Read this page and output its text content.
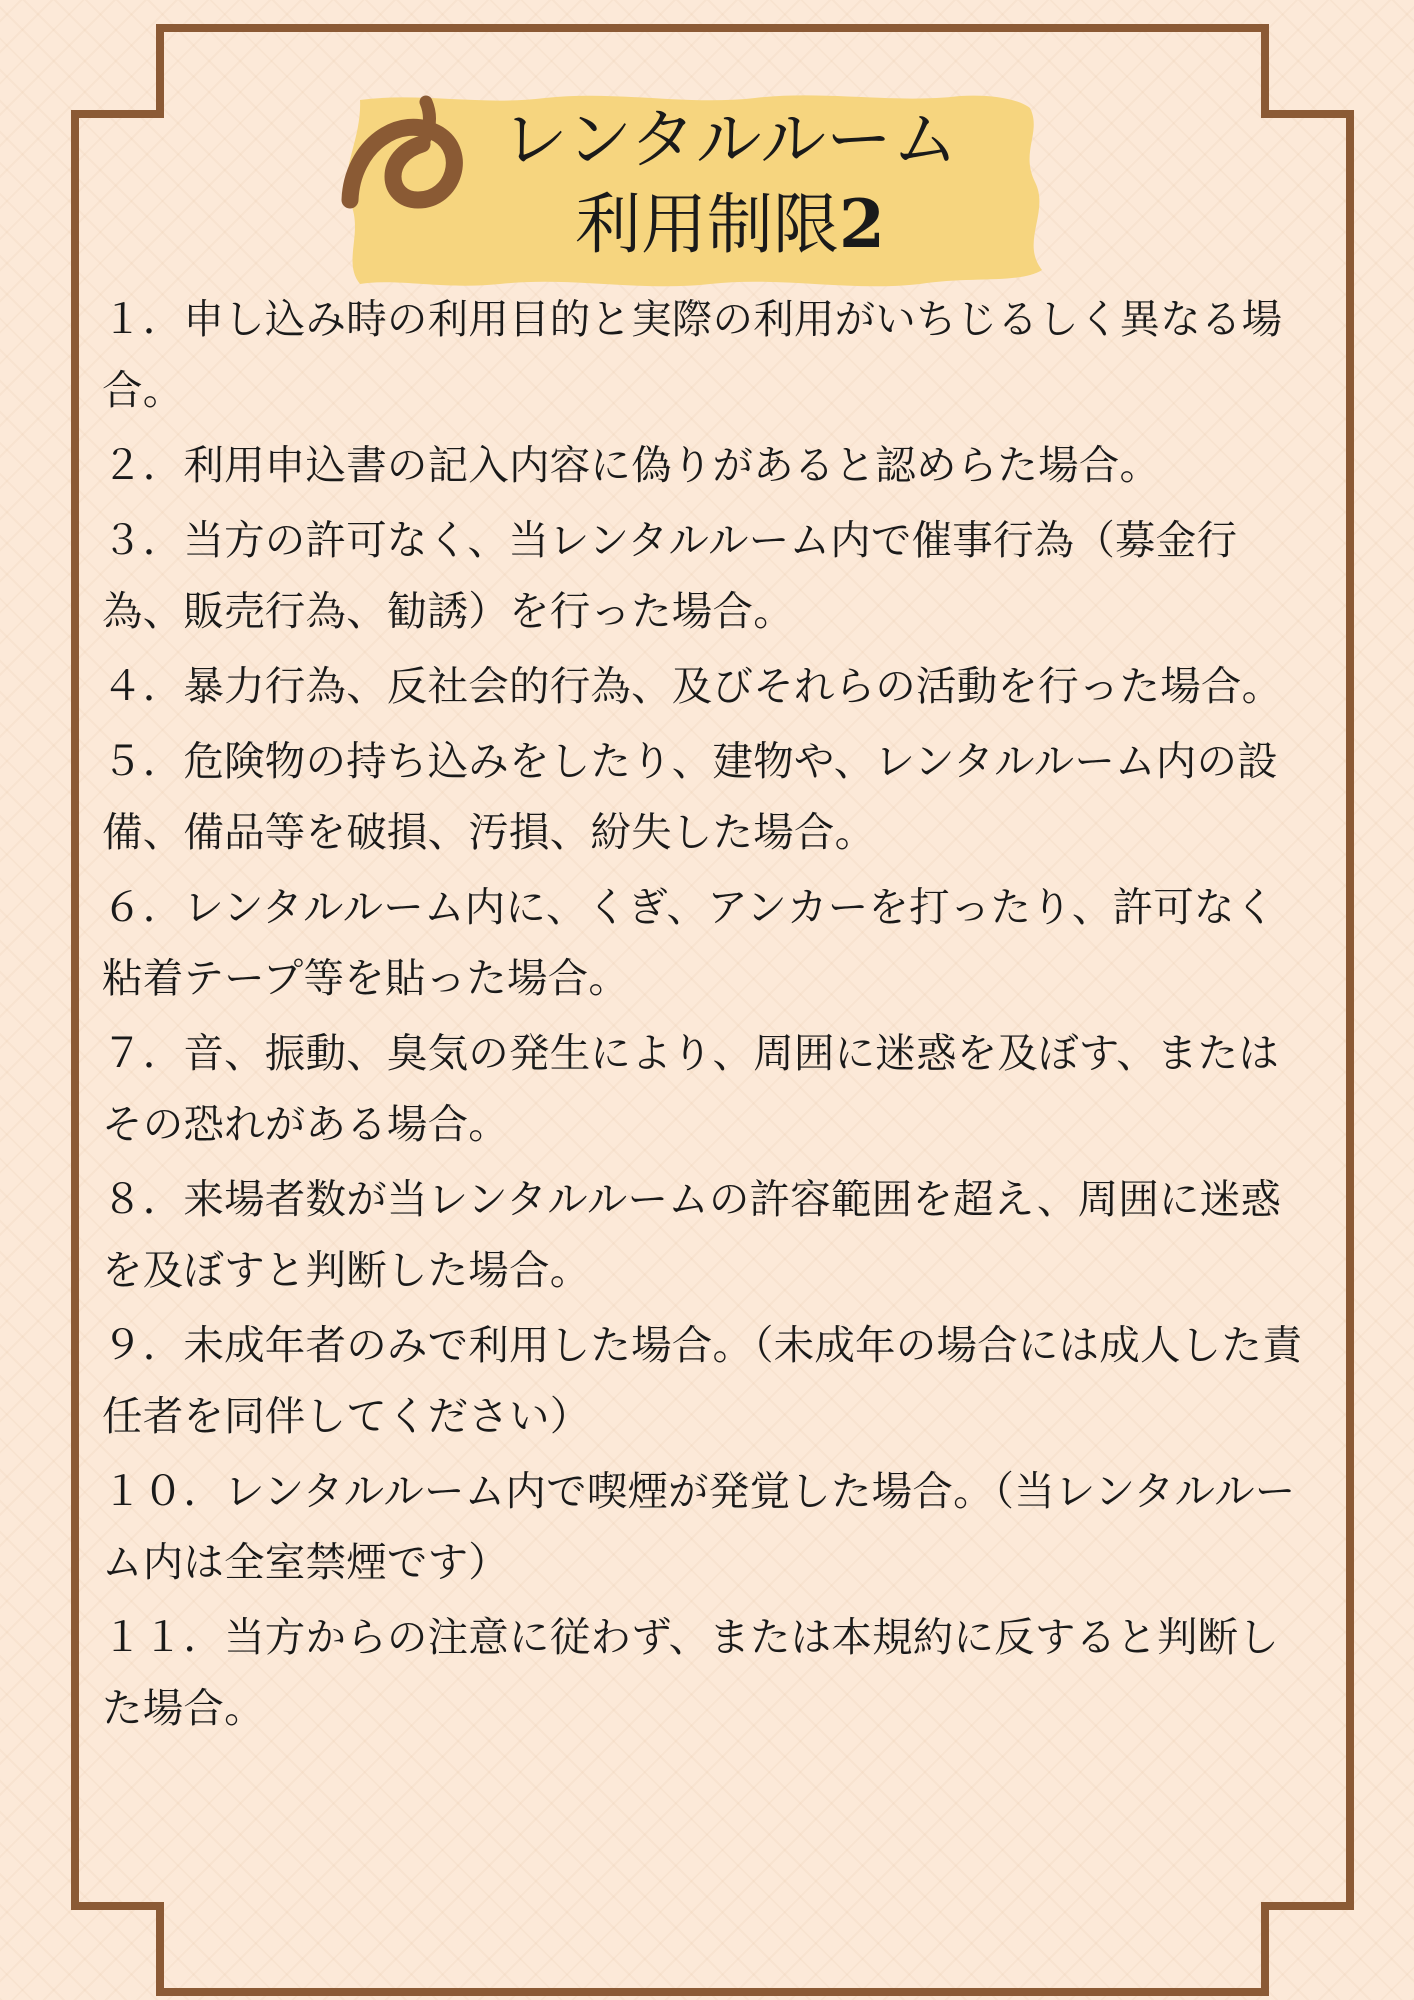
レンタルルーム
利用制限2
１．申し込み時の利用目的と実際の利用がいちじるしく異なる場合。
２．利用申込書の記入内容に偽りがあると認めらた場合。
３．当方の許可なく、当レンタルルーム内で催事行為（募金行為、販売行為、勧誘）を行った場合。
４．暴力行為、反社会的行為、及びそれらの活動を行った場合。
５．危険物の持ち込みをしたり、建物や、レンタルルーム内の設備、備品等を破損、汚損、紛失した場合。
６．レンタルルーム内に、くぎ、アンカーを打ったり、許可なく粘着テープ等を貼った場合。
７．音、振動、臭気の発生により、周囲に迷惑を及ぼす、またはその恐れがある場合。
８．来場者数が当レンタルルームの許容範囲を超え、周囲に迷惑を及ぼすと判断した場合。
９．未成年者のみで利用した場合。（未成年の場合には成人した責任者を同伴してください）
１０．レンタルルーム内で喫煙が発覚した場合。（当レンタルルーム内は全室禁煙です）
１１．当方からの注意に従わず、または本規約に反すると判断した場合。
